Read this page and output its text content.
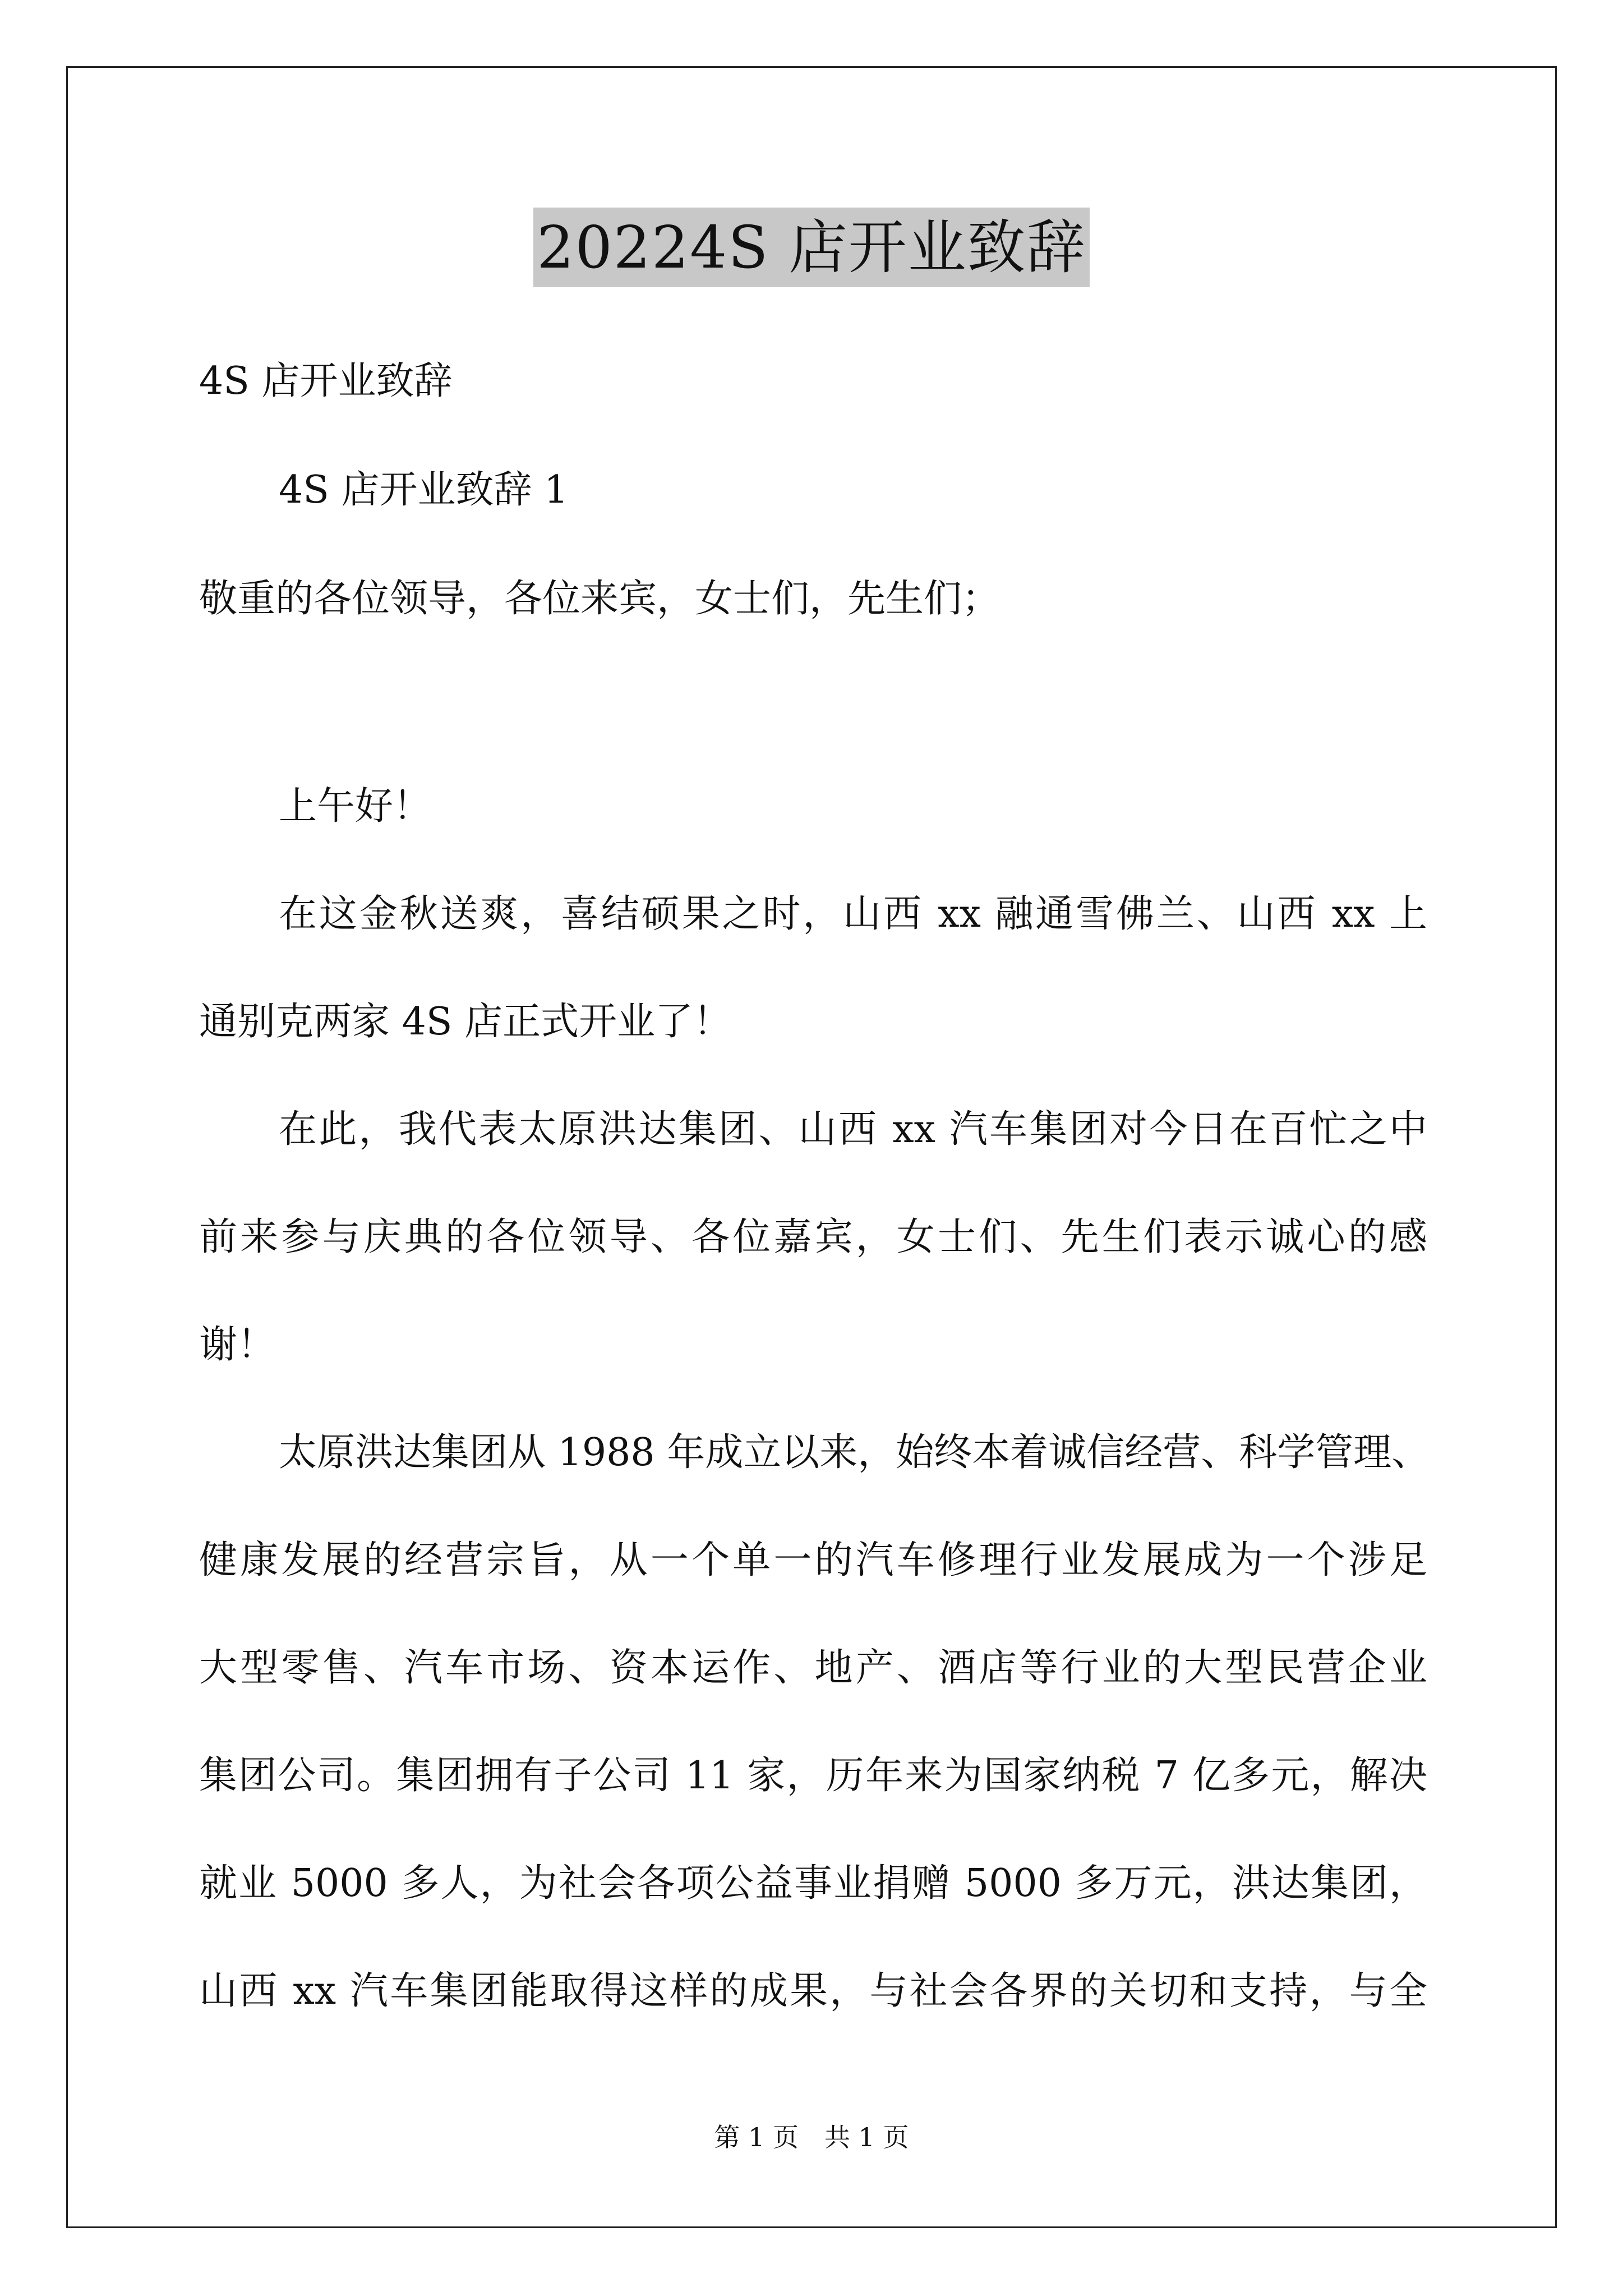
20224S 店开业致辞
4S 店开业致辞
4S 店开业致辞 1
敬重的各位领导，各位来宾，女士们，先生们；
上午好！
在这金秋送爽，喜结硕果之时，山西 xx 融通雪佛兰、山西 xx 上
通别克两家 4S 店正式开业了！
在此，我代表太原洪达集团、山西 xx 汽车集团对今日在百忙之中
前来参与庆典的各位领导、各位嘉宾，女士们、先生们表示诚心的感
谢！
太原洪达集团从 1988 年成立以来，始终本着诚信经营、科学管理、
健康发展的经营宗旨，从一个单一的汽车修理行业发展成为一个涉足
大型零售、汽车市场、资本运作、地产、酒店等行业的大型民营企业
集团公司。集团拥有子公司 11 家，历年来为国家纳税 7 亿多元，解决
就业 5000 多人，为社会各项公益事业捐赠 5000 多万元，洪达集团，
山西 xx 汽车集团能取得这样的成果，与社会各界的关切和支持，与全
第 1 页　共 1 页
